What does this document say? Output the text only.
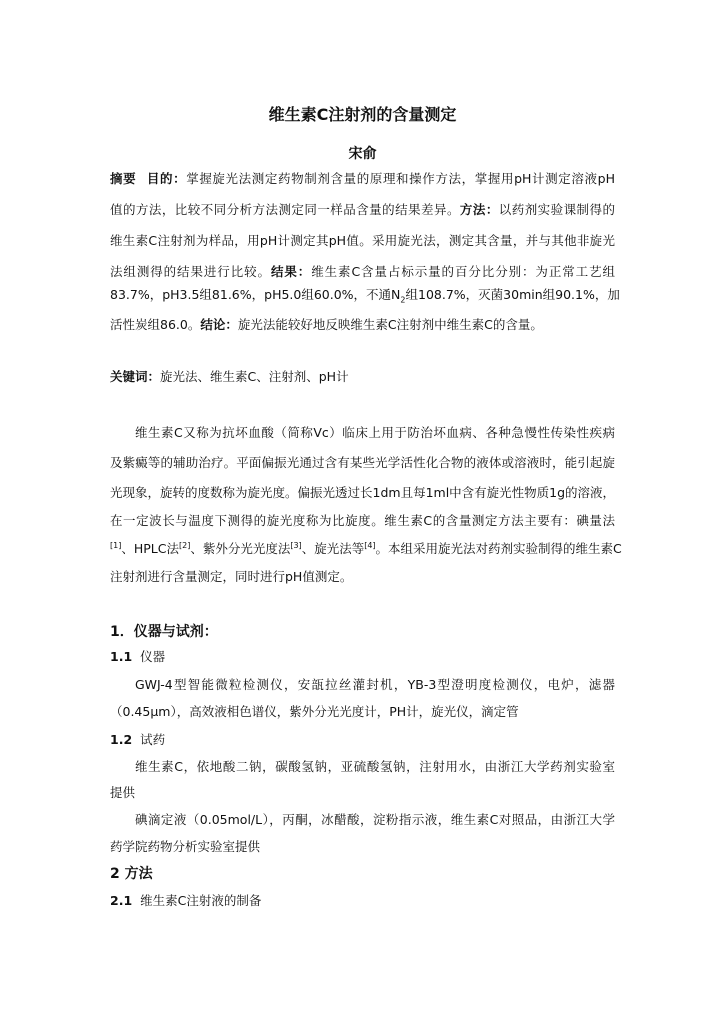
维生素C注射剂的含量测定
宋俞
摘要 目的：掌握旋光法测定药物制剂含量的原理和操作方法，掌握用pH计测定溶液pH
值的方法，比较不同分析方法测定同一样品含量的结果差异。方法：以药剂实验课制得的
维生素C注射剂为样品，用pH计测定其pH值。采用旋光法，测定其含量，并与其他非旋光
法组测得的结果进行比较。结果：维生素C含量占标示量的百分比分别：为正常工艺组
83.7%，pH3.5组81.6%，pH5.0组60.0%，不通$N_2$组108.7%，灭菌30min组90.1%，加
活性炭组86.0。结论：旋光法能较好地反映维生素C注射剂中维生素C的含量。
关键词：旋光法、维生素C、注射剂、pH计
维生素C又称为抗坏血酸（简称Vc）临床上用于防治坏血病、各种急慢性传染性疾病
及紫癜等的辅助治疗。平面偏振光通过含有某些光学活性化合物的液体或溶液时，能引起旋
光现象，旋转的度数称为旋光度。偏振光透过长1dm且每1ml中含有旋光性物质1g的溶液，
在一定波长与温度下测得的旋光度称为比旋度。维生素C的含量测定方法主要有：碘量法
[1]、HPLC法[2]、紫外分光光度法[3]、旋光法等[4]。本组采用旋光法对药剂实验制得的维生素C
注射剂进行含量测定，同时进行pH值测定。
1．仪器与试剂：
1.1 仪器
GWJ-4型智能微粒检测仪，安瓿拉丝灌封机，YB-3型澄明度检测仪，电炉，滤器
（0.45μm），高效液相色谱仪，紫外分光光度计，PH计，旋光仪，滴定管
1.2 试药
维生素C，依地酸二钠，碳酸氢钠，亚硫酸氢钠，注射用水，由浙江大学药剂实验室
提供
碘滴定液（0.05mol/L），丙酮，冰醋酸，淀粉指示液，维生素C对照品，由浙江大学
药学院药物分析实验室提供
2 方法
2.1 维生素C注射液的制备
